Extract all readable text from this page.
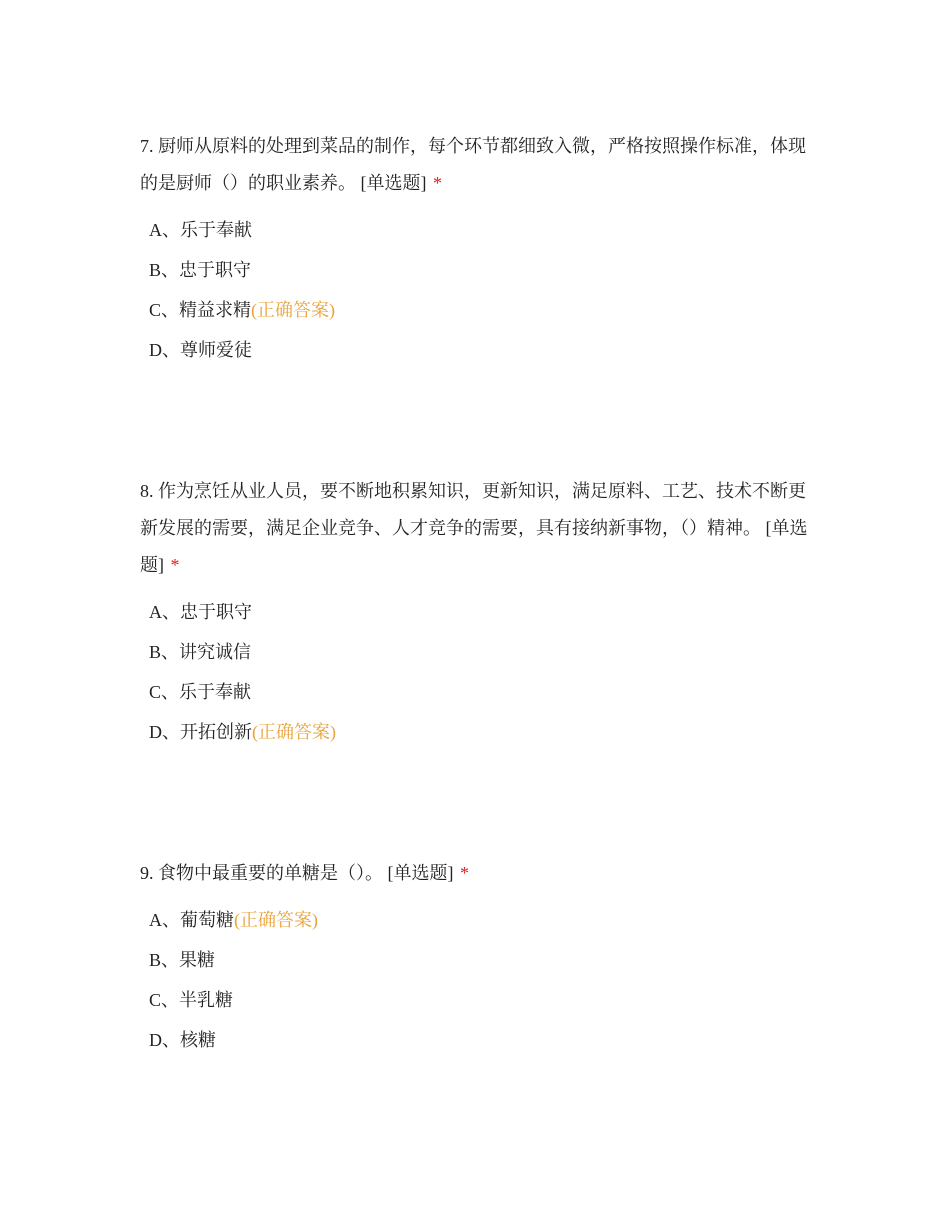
7. 厨师从原料的处理到菜品的制作，每个环节都细致入微，严格按照操作标准，体现的是厨师（）的职业素养。 [单选题] *

A、乐于奉献
B、忠于职守
C、精益求精(正确答案)
D、尊师爱徒

8. 作为烹饪从业人员，要不断地积累知识，更新知识，满足原料、工艺、技术不断更新发展的需要，满足企业竞争、人才竞争的需要，具有接纳新事物，（）精神。 [单选题] *

A、忠于职守
B、讲究诚信
C、乐于奉献
D、开拓创新(正确答案)

9. 食物中最重要的单糖是（）。 [单选题] *

A、葡萄糖(正确答案)
B、果糖
C、半乳糖
D、核糖
